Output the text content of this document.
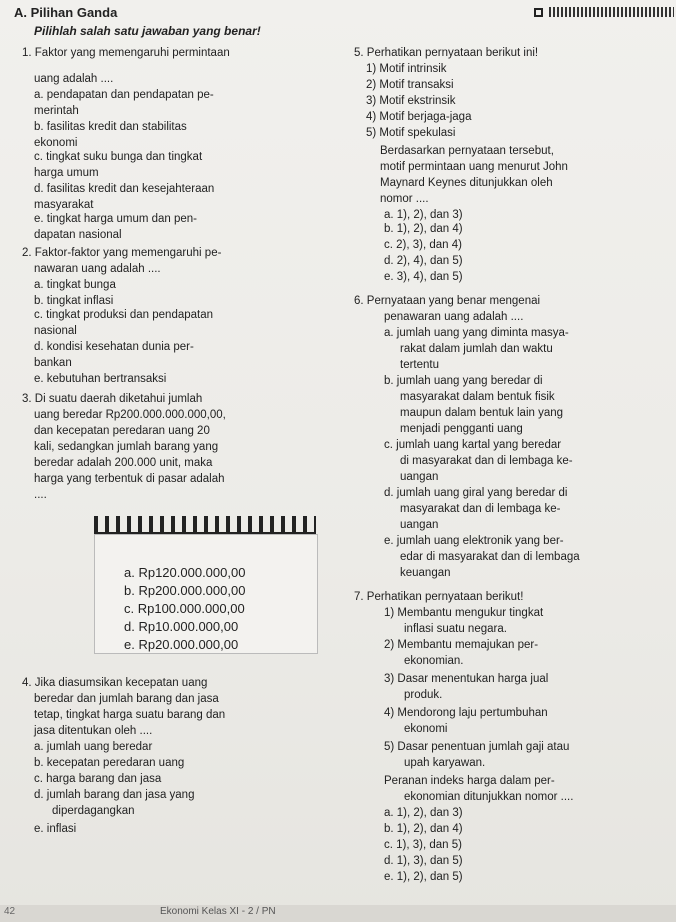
A. Pilihan Ganda
Pilihlah salah satu jawaban yang benar!
1. Faktor yang memengaruhi permintaan
uang adalah ....
a. pendapatan dan pendapatan pe-
merintah
b. fasilitas kredit dan stabilitas
ekonomi
c. tingkat suku bunga dan tingkat
harga umum
d. fasilitas kredit dan kesejahteraan
masyarakat
e. tingkat harga umum dan pen-
dapatan nasional
2. Faktor-faktor yang memengaruhi pe-
nawaran uang adalah ....
a. tingkat bunga
b. tingkat inflasi
c. tingkat produksi dan pendapatan
nasional
d. kondisi kesehatan dunia per-
bankan
e. kebutuhan bertransaksi
3. Di suatu daerah diketahui jumlah
uang beredar Rp200.000.000.000,00,
dan kecepatan peredaran uang 20
kali, sedangkan jumlah barang yang
beredar adalah 200.000 unit, maka
harga yang terbentuk di pasar adalah
....
a. Rp120.000.000,00
b. Rp200.000.000,00
c. Rp100.000.000,00
d. Rp10.000.000,00
e. Rp20.000.000,00
4. Jika diasumsikan kecepatan uang
beredar dan jumlah barang dan jasa
tetap, tingkat harga suatu barang dan
jasa ditentukan oleh ....
a. jumlah uang beredar
b. kecepatan peredaran uang
c. harga barang dan jasa
d. jumlah barang dan jasa yang
diperdagangkan
e. inflasi
5. Perhatikan pernyataan berikut ini!
1) Motif intrinsik
2) Motif transaksi
3) Motif ekstrinsik
4) Motif berjaga-jaga
5) Motif spekulasi
Berdasarkan pernyataan tersebut,
motif permintaan uang menurut John
Maynard Keynes ditunjukkan oleh
nomor ....
a. 1), 2), dan 3)
b. 1), 2), dan 4)
c. 2), 3), dan 4)
d. 2), 4), dan 5)
e. 3), 4), dan 5)
6. Pernyataan yang benar mengenai
penawaran uang adalah ....
a. jumlah uang yang diminta masya-
rakat dalam jumlah dan waktu
tertentu
b. jumlah uang yang beredar di
masyarakat dalam bentuk fisik
maupun dalam bentuk lain yang
menjadi pengganti uang
c. jumlah uang kartal yang beredar
di masyarakat dan di lembaga ke-
uangan
d. jumlah uang giral yang beredar di
masyarakat dan di lembaga ke-
uangan
e. jumlah uang elektronik yang ber-
edar di masyarakat dan di lembaga
keuangan
7. Perhatikan pernyataan berikut!
1) Membantu mengukur tingkat
inflasi suatu negara.
2) Membantu memajukan per-
ekonomian.
3) Dasar menentukan harga jual
produk.
4) Mendorong laju pertumbuhan
ekonomi
5) Dasar penentuan jumlah gaji atau
upah karyawan.
Peranan indeks harga dalam per-
ekonomian ditunjukkan nomor ....
a. 1), 2), dan 3)
b. 1), 2), dan 4)
c. 1), 3), dan 5)
d. 1), 3), dan 5)
e. 1), 2), dan 5)
42	Ekonomi Kelas XI - 2 / PN
